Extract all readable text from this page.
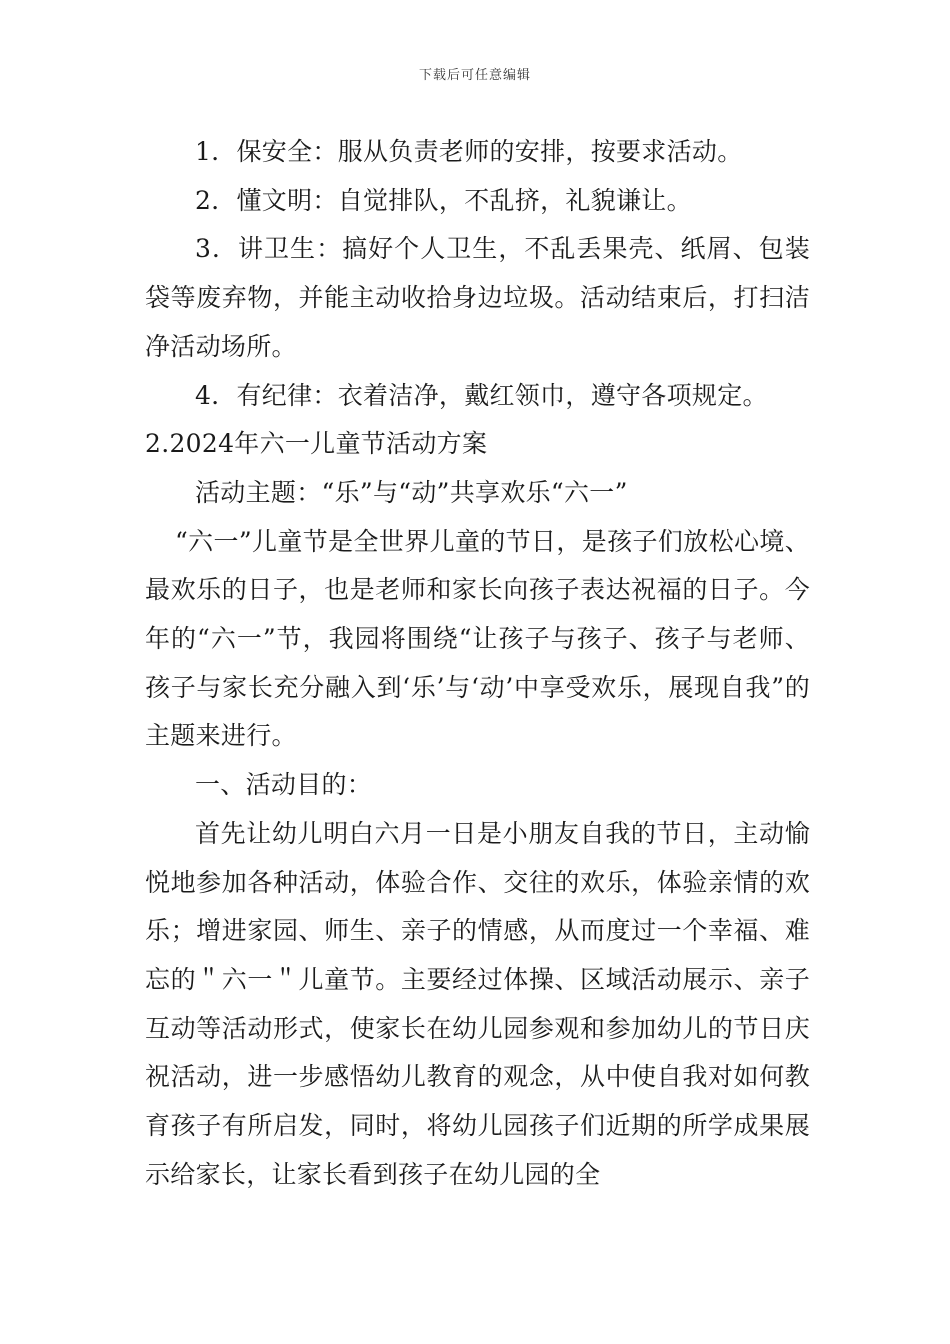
下载后可任意编辑

1．保安全：服从负责老师的安排，按要求活动。

2．懂文明：自觉排队，不乱挤，礼貌谦让。

3．讲卫生：搞好个人卫生，不乱丢果壳、纸屑、包装袋等废弃物，并能主动收拾身边垃圾。活动结束后，打扫洁净活动场所。

4．有纪律：衣着洁净，戴红领巾，遵守各项规定。

2.2024年六一儿童节活动方案

活动主题：“乐”与“动”共享欢乐“六一”

“六一”儿童节是全世界儿童的节日，是孩子们放松心境、最欢乐的日子，也是老师和家长向孩子表达祝福的日子。今年的“六一”节，我园将围绕“让孩子与孩子、孩子与老师、孩子与家长充分融入到‘乐’与‘动’中享受欢乐，展现自我”的主题来进行。

一、活动目的：

首先让幼儿明白六月一日是小朋友自我的节日，主动愉悦地参加各种活动，体验合作、交往的欢乐，体验亲情的欢乐；增进家园、师生、亲子的情感，从而度过一个幸福、难忘的＂六一＂儿童节。主要经过体操、区域活动展示、亲子互动等活动形式，使家长在幼儿园参观和参加幼儿的节日庆祝活动，进一步感悟幼儿教育的观念，从中使自我对如何教育孩子有所启发，同时，将幼儿园孩子们近期的所学成果展示给家长，让家长看到孩子在幼儿园的全
